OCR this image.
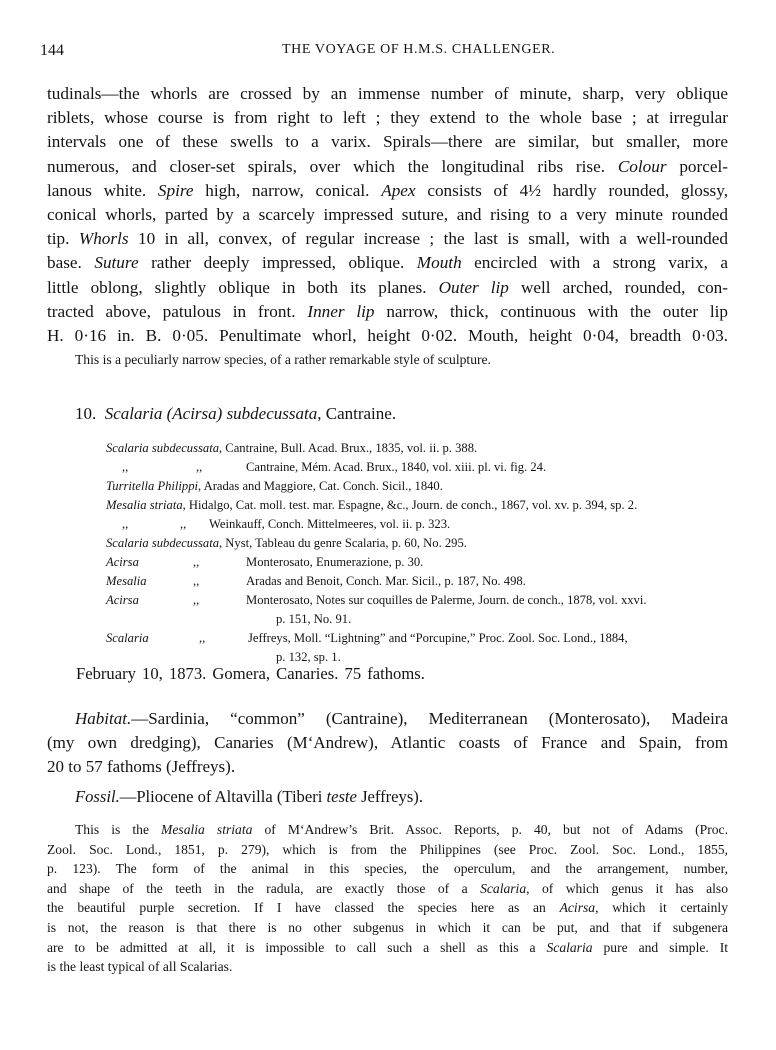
144	THE VOYAGE OF H.M.S. CHALLENGER.
tudinals—the whorls are crossed by an immense number of minute, sharp, very oblique
riblets, whose course is from right to left ; they extend to the whole base ; at irregular
intervals one of these swells to a varix. Spirals—there are similar, but smaller, more
numerous, and closer-set spirals, over which the longitudinal ribs rise. Colour porcel-
lanous white. Spire high, narrow, conical. Apex consists of 4½ hardly rounded, glossy,
conical whorls, parted by a scarcely impressed suture, and rising to a very minute rounded
tip. Whorls 10 in all, convex, of regular increase ; the last is small, with a well-rounded
base. Suture rather deeply impressed, oblique. Mouth encircled with a strong varix, a
little oblong, slightly oblique in both its planes. Outer lip well arched, rounded, con-
tracted above, patulous in front. Inner lip narrow, thick, continuous with the outer lip
H. 0·16 in. B. 0·05. Penultimate whorl, height 0·02. Mouth, height 0·04, breadth 0·03.
This is a peculiarly narrow species, of a rather remarkable style of sculpture.
10. Scalaria (Acirsa) subdecussata, Cantraine.
Scalaria subdecussata, Cantraine, Bull. Acad. Brux., 1835, vol. ii. p. 388.
,,	,,	Cantraine, Mém. Acad. Brux., 1840, vol. xiii. pl. vi. fig. 24.
Turritella Philippi, Aradas and Maggiore, Cat. Conch. Sicil., 1840.
Mesalia striata, Hidalgo, Cat. moll. test. mar. Espagne, &c., Journ. de conch., 1867, vol. xv. p. 394, sp. 2.
,,	,, Weinkauff, Conch. Mittelmeeres, vol. ii. p. 323.
Scalaria subdecussata, Nyst, Tableau du genre Scalaria, p. 60, No. 295.
Acirsa	,,	Monterosato, Enumerazione, p. 30.
Mesalia	,,	Aradas and Benoit, Conch. Mar. Sicil., p. 187, No. 498.
Acirsa	,,	Monterosato, Notes sur coquilles de Palerme, Journ. de conch., 1878, vol. xxvi.
p. 151, No. 91.
Scalaria	,,	Jeffreys, Moll. “Lightning” and “Porcupine,” Proc. Zool. Soc. Lond., 1884,
p. 132, sp. 1.
February 10, 1873. Gomera, Canaries. 75 fathoms.
Habitat.—Sardinia, “common” (Cantraine), Mediterranean (Monterosato), Madeira
(my own dredging), Canaries (M‘Andrew), Atlantic coasts of France and Spain, from
20 to 57 fathoms (Jeffreys).
Fossil.—Pliocene of Altavilla (Tiberi teste Jeffreys).
This is the Mesalia striata of M‘Andrew’s Brit. Assoc. Reports, p. 40, but not of Adams (Proc.
Zool. Soc. Lond., 1851, p. 279), which is from the Philippines (see Proc. Zool. Soc. Lond., 1855,
p. 123). The form of the animal in this species, the operculum, and the arrangement, number,
and shape of the teeth in the radula, are exactly those of a Scalaria, of which genus it has also
the beautiful purple secretion. If I have classed the species here as an Acirsa, which it certainly
is not, the reason is that there is no other subgenus in which it can be put, and that if subgenera
are to be admitted at all, it is impossible to call such a shell as this a Scalaria pure and simple. It
is the least typical of all Scalarias.
